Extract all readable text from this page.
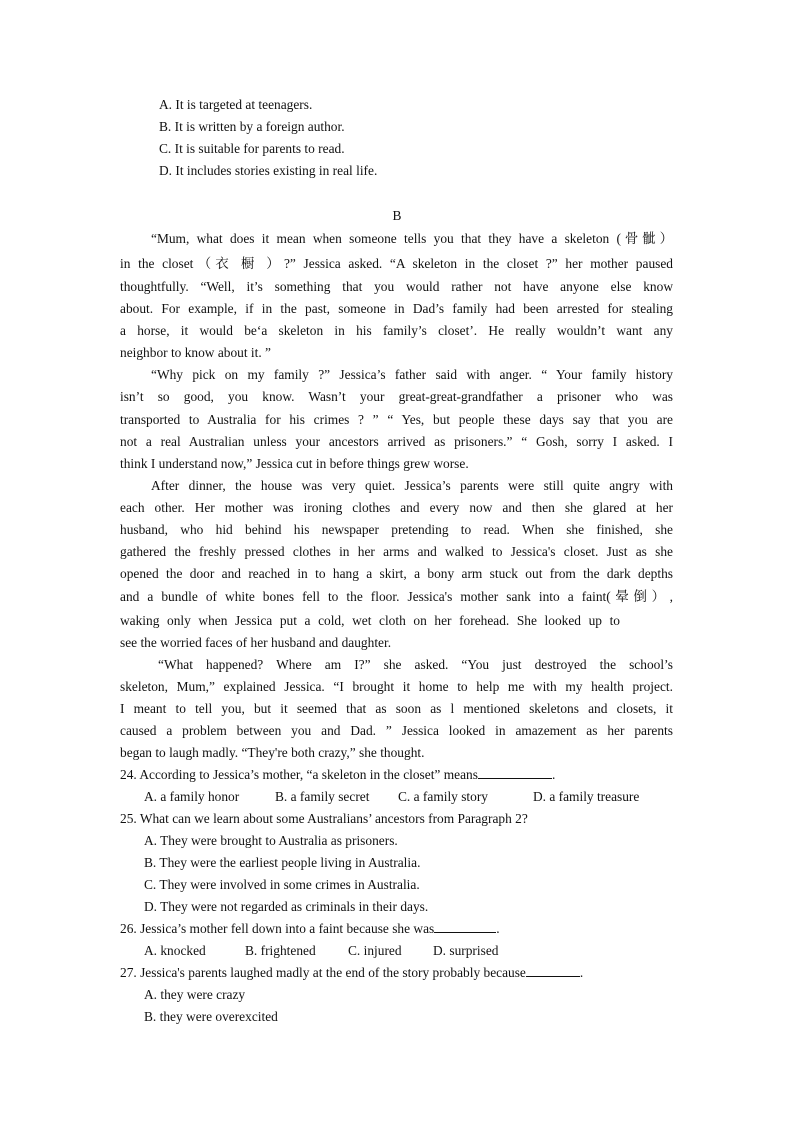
A. It is targeted at teenagers.
B. It is written by a foreign author.
C. It is suitable for parents to read.
D. It includes stories existing in real life.
B
“Mum, what does it mean when someone tells you that they have a skeleton (骨骴）
in the closet（衣 橱 ）?” Jessica asked. “A skeleton in the closet ?” her mother paused
thoughtfully. “Well, it’s something that you would rather not have anyone else know
about. For example, if in the past, someone in Dad’s family had been arrested for stealing
a horse, it would be‘a skeleton in his family’s closet’. He really wouldn’t want any
neighbor to know about it. ”
“Why pick on my family ?” Jessica’s father said with anger. “ Your family history
isn’t so good, you know. Wasn’t your great-great-grandfather a prisoner who was
transported to Australia for his crimes ? ” “ Yes, but people these days say that you are
not a real Australian unless your ancestors arrived as prisoners.” “ Gosh, sorry I asked. I
think I understand now,” Jessica cut in before things grew worse.
After dinner, the house was very quiet. Jessica’s parents were still quite angry with
each other. Her mother was ironing clothes and every now and then she glared at her
husband, who hid behind his newspaper pretending to read. When she finished, she
gathered the freshly pressed clothes in her arms and walked to Jessica's closet. Just as she
opened the door and reached in to hang a skirt, a bony arm stuck out from the dark depths
and a bundle of white bones fell to the floor. Jessica's mother sank into a faint(晕倒）,
waking only when Jessica put a cold, wet cloth on her forehead. She looked up to
see the worried faces of her husband and daughter.
“What happened? Where am I?” she asked. “You just destroyed the school’s
skeleton, Mum,” explained Jessica. “I brought it home to help me with my health project.
I meant to tell you, but it seemed that as soon as l mentioned skeletons and closets, it
caused a problem between you and Dad. ” Jessica looked in amazement as her parents
began to laugh madly. “They're both crazy,” she thought.
24. According to Jessica’s mother, “a skeleton in the closet” means	.
A. a family honor	B. a family secret	C. a family story	D. a family treasure
25. What can we learn about some Australians’ ancestors from Paragraph 2?
A. They were brought to Australia as prisoners.
B. They were the earliest people living in Australia.
C. They were involved in some crimes in Australia.
D. They were not regarded as criminals in their days.
26. Jessica’s mother fell down into a faint because she was	.
A. knocked	B. frightened	C. injured	D. surprised
27. Jessica's parents laughed madly at the end of the story probably because	.
A. they were crazy
B. they were overexcited
